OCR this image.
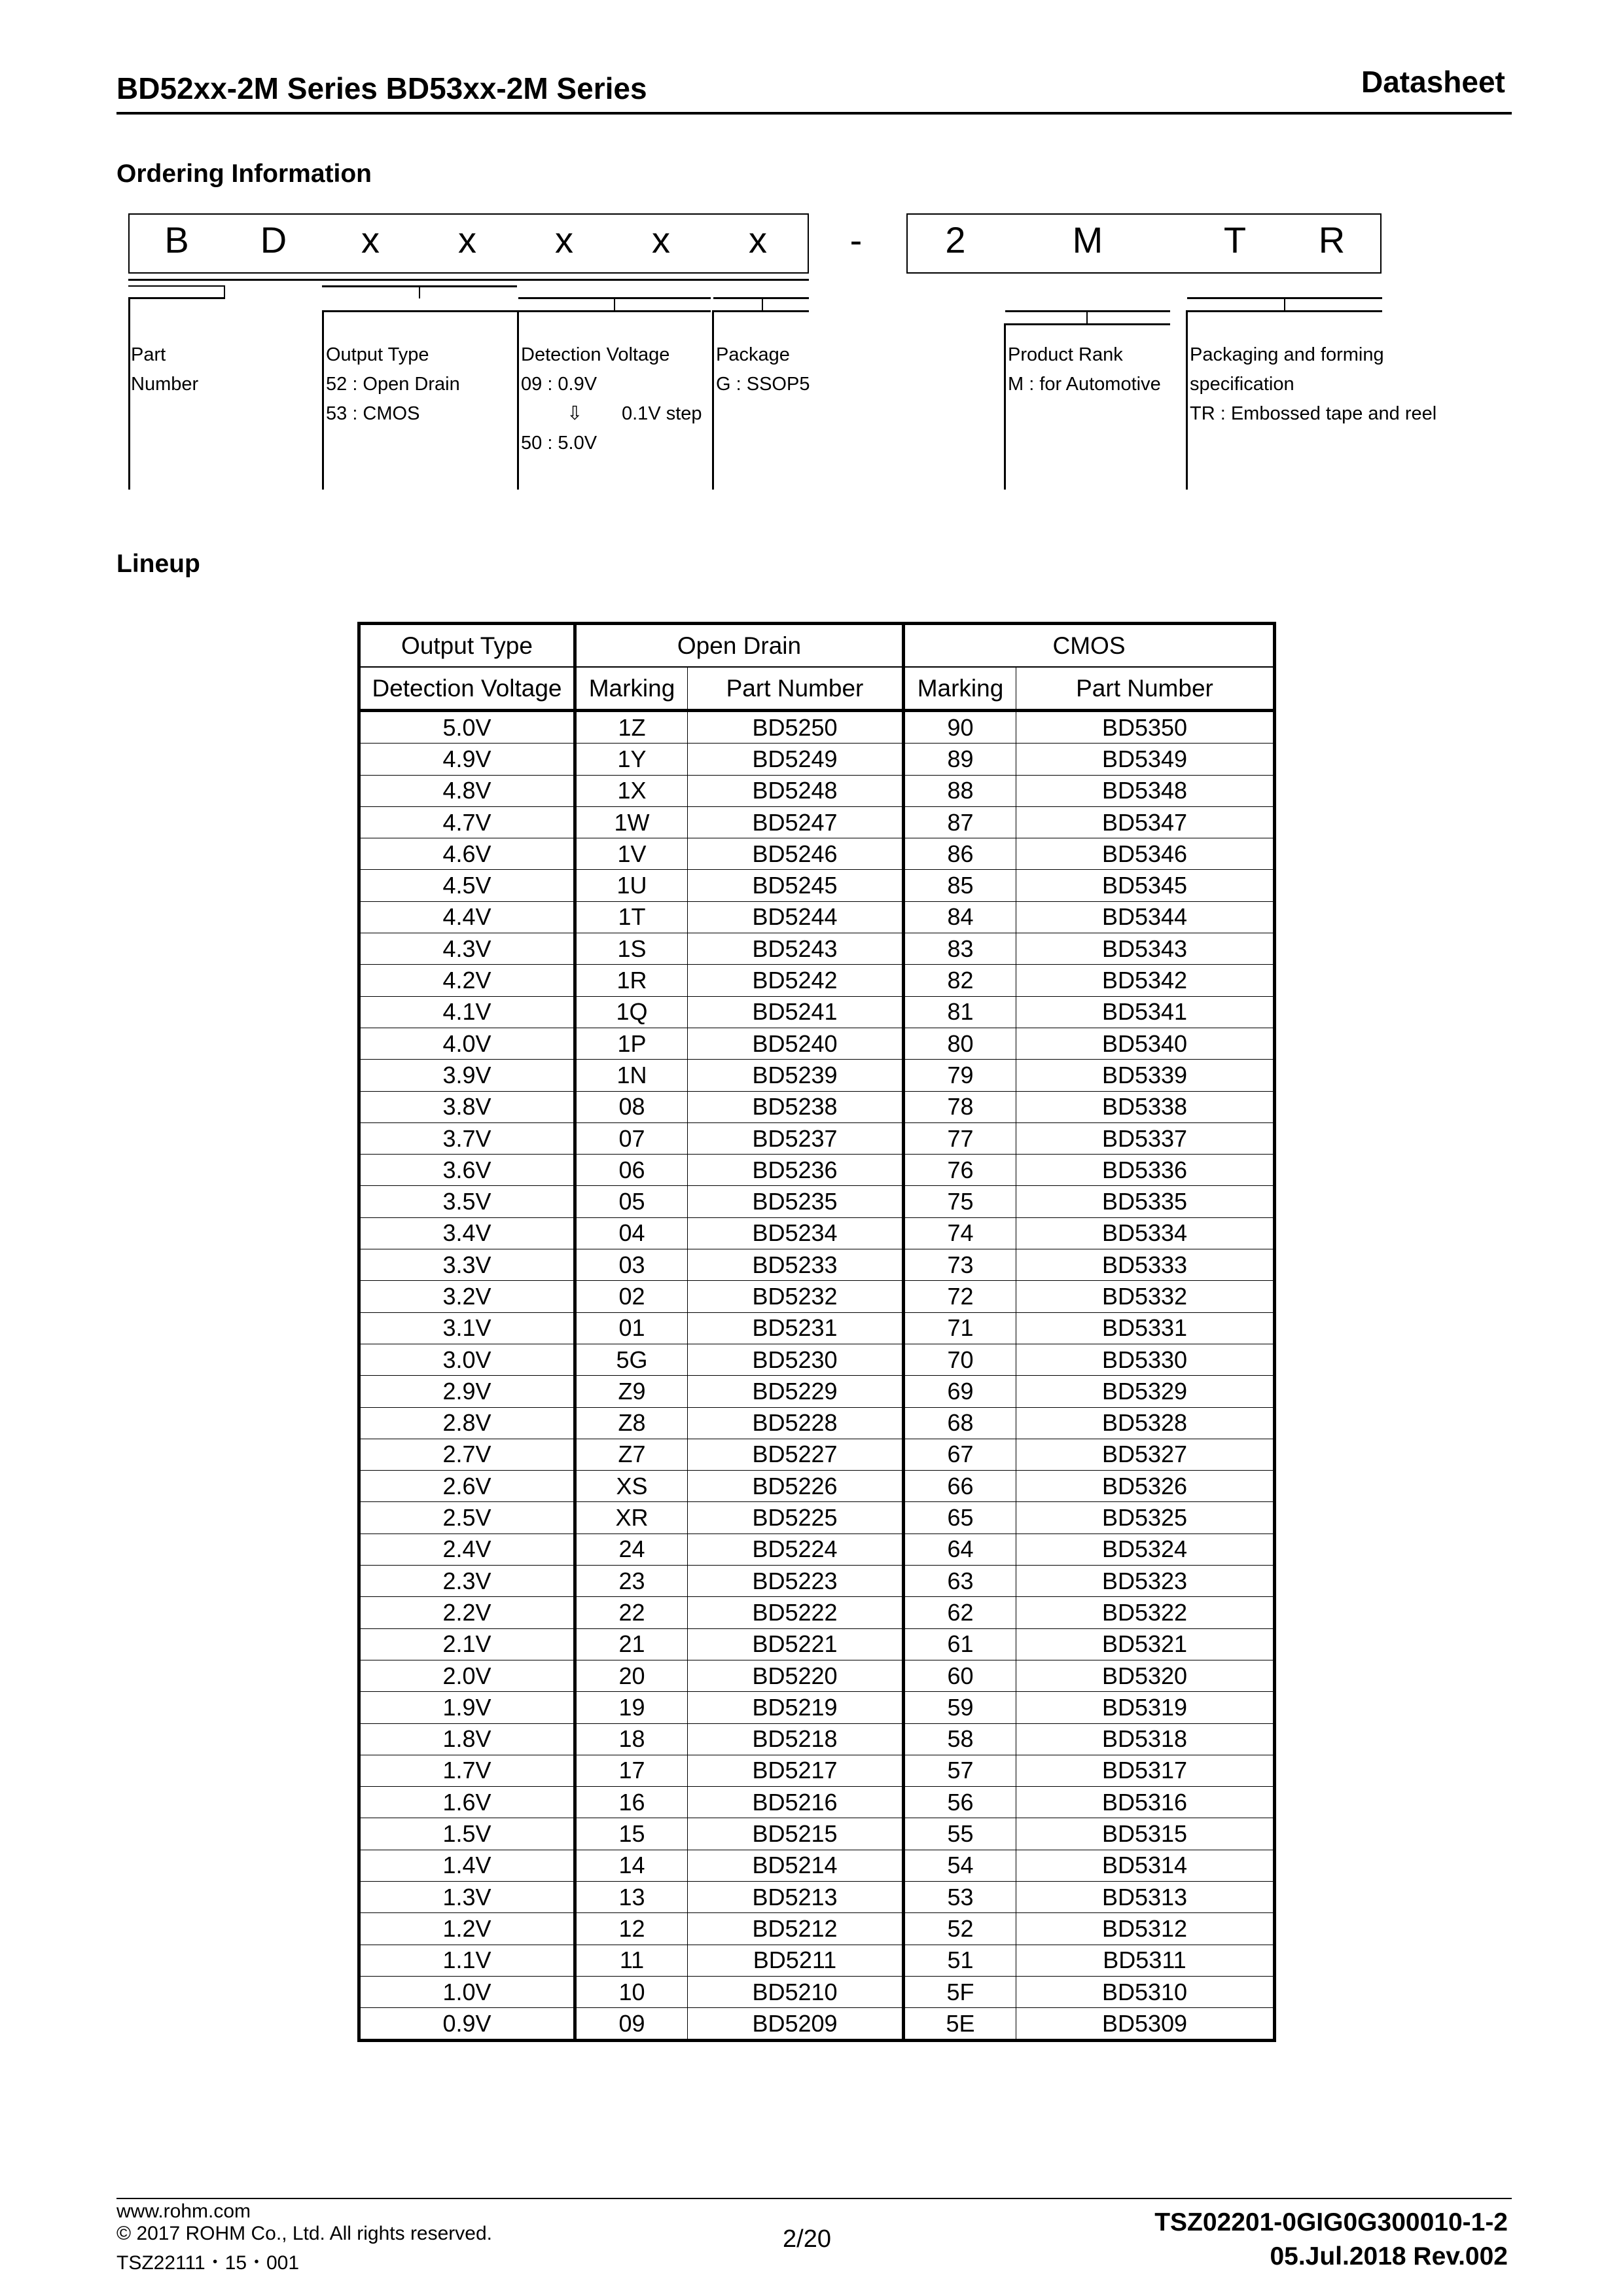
BD52xx-2M Series BD53xx-2M Series	Datasheet
Ordering Information
B	D	x	x	x	x	x	-	2	M	T	R
Part
Number
Output Type
52 : Open Drain
53 : CMOS
Detection Voltage
09 : 0.9V
⇩ 0.1V step
50 : 5.0V
Package
G : SSOP5
Product Rank
M : for Automotive
Packaging and forming
specification
TR : Embossed tape and reel
Lineup
Output Type	Open Drain		CMOS	
Detection Voltage	Marking	Part Number	Marking	Part Number
5.0V	1Z	BD5250	90	BD5350
4.9V	1Y	BD5249	89	BD5349
4.8V	1X	BD5248	88	BD5348
4.7V	1W	BD5247	87	BD5347
4.6V	1V	BD5246	86	BD5346
4.5V	1U	BD5245	85	BD5345
4.4V	1T	BD5244	84	BD5344
4.3V	1S	BD5243	83	BD5343
4.2V	1R	BD5242	82	BD5342
4.1V	1Q	BD5241	81	BD5341
4.0V	1P	BD5240	80	BD5340
3.9V	1N	BD5239	79	BD5339
3.8V	08	BD5238	78	BD5338
3.7V	07	BD5237	77	BD5337
3.6V	06	BD5236	76	BD5336
3.5V	05	BD5235	75	BD5335
3.4V	04	BD5234	74	BD5334
3.3V	03	BD5233	73	BD5333
3.2V	02	BD5232	72	BD5332
3.1V	01	BD5231	71	BD5331
3.0V	5G	BD5230	70	BD5330
2.9V	Z9	BD5229	69	BD5329
2.8V	Z8	BD5228	68	BD5328
2.7V	Z7	BD5227	67	BD5327
2.6V	XS	BD5226	66	BD5326
2.5V	XR	BD5225	65	BD5325
2.4V	24	BD5224	64	BD5324
2.3V	23	BD5223	63	BD5323
2.2V	22	BD5222	62	BD5322
2.1V	21	BD5221	61	BD5321
2.0V	20	BD5220	60	BD5320
1.9V	19	BD5219	59	BD5319
1.8V	18	BD5218	58	BD5318
1.7V	17	BD5217	57	BD5317
1.6V	16	BD5216	56	BD5316
1.5V	15	BD5215	55	BD5315
1.4V	14	BD5214	54	BD5314
1.3V	13	BD5213	53	BD5313
1.2V	12	BD5212	52	BD5312
1.1V	11	BD5211	51	BD5311
1.0V	10	BD5210	5F	BD5310
0.9V	09	BD5209	5E	BD5309
www.rohm.com
© 2017 ROHM Co., Ltd. All rights reserved.
TSZ22111・15・001
2/20
TSZ02201-0GIG0G300010-1-2
05.Jul.2018 Rev.002
